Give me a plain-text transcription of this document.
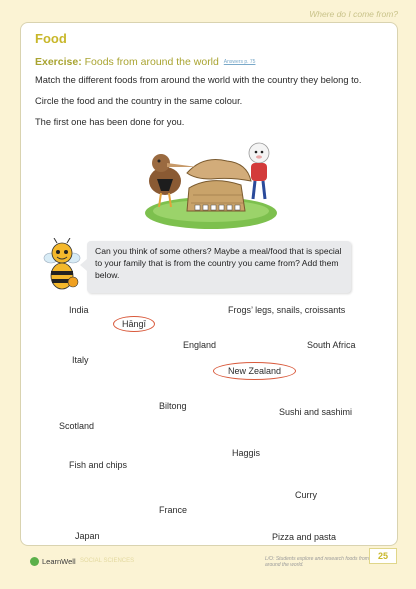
Where do I come from?
Food
Exercise: Foods from around the world Answers p. 75
Match the different foods from around the world with the country they belong to.
Circle the food and the country in the same colour.
The first one has been done for you.
Can you think of some others? Maybe a meal/food that is special to your family that is from the country you came from? Add them below.
India	Frogs’ legs, snails, croissants
Hāngī
England	South Africa
Italy
New Zealand
Biltong
Sushi and sashimi
Scotland
Haggis
Fish and chips
Curry
France
Japan	Pizza and pasta
LearnWell SOCIAL SCIENCES	L/O: Students explore and research foods from around the world.
25
